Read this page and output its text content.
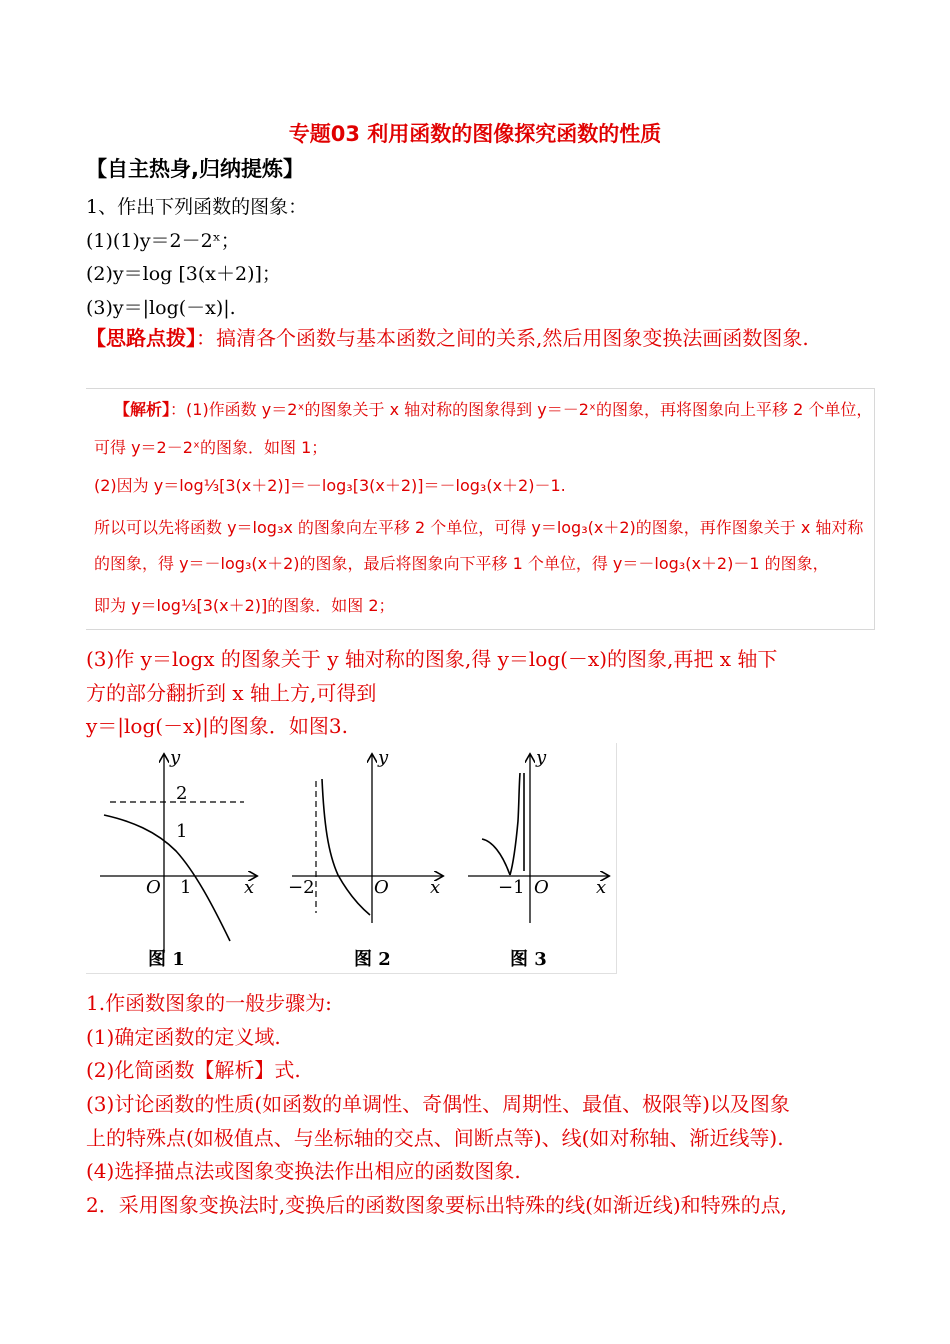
专题03 利用函数的图像探究函数的性质
【自主热身,归纳提炼】
1、作出下列函数的图象：
(1)(1)y＝2－2ˣ；
(2)y＝log [3(x＋2)]；
(3)y＝|log(－x)|.
【思路点拨】：搞清各个函数与基本函数之间的关系,然后用图象变换法画函数图象.
【解析】：(1)作函数 y＝2ˣ的图象关于 x 轴对称的图象得到 y＝－2ˣ的图象，再将图象向上平移 2 个单位，
可得 y＝2－2ˣ的图象．如图 1；
(2)因为 y＝log⅓[3(x＋2)]＝－log₃[3(x＋2)]＝－log₃(x＋2)－1.
所以可以先将函数 y＝log₃x 的图象向左平移 2 个单位，可得 y＝log₃(x＋2)的图象，再作图象关于 x 轴对称
的图象，得 y＝－log₃(x＋2)的图象，最后将图象向下平移 1 个单位，得 y＝－log₃(x＋2)－1 的图象，
即为 y＝log⅓[3(x＋2)]的图象．如图 2；
(3)作 y＝logx 的图象关于 y 轴对称的图象,得 y＝log(－x)的图象,再把 x 轴下
方的部分翻折到 x 轴上方,可得到
y＝|log(－x)|的图象．如图3.
y
x
O
2
1
1
图 1
y
x
O
−2
图 2
y
x
O
−1
图 3
1.作函数图象的一般步骤为:
(1)确定函数的定义域.
(2)化简函数【解析】式.
(3)讨论函数的性质(如函数的单调性、奇偶性、周期性、最值、极限等)以及图象
上的特殊点(如极值点、与坐标轴的交点、间断点等)、线(如对称轴、渐近线等).
(4)选择描点法或图象变换法作出相应的函数图象.
2．采用图象变换法时,变换后的函数图象要标出特殊的线(如渐近线)和特殊的点,
